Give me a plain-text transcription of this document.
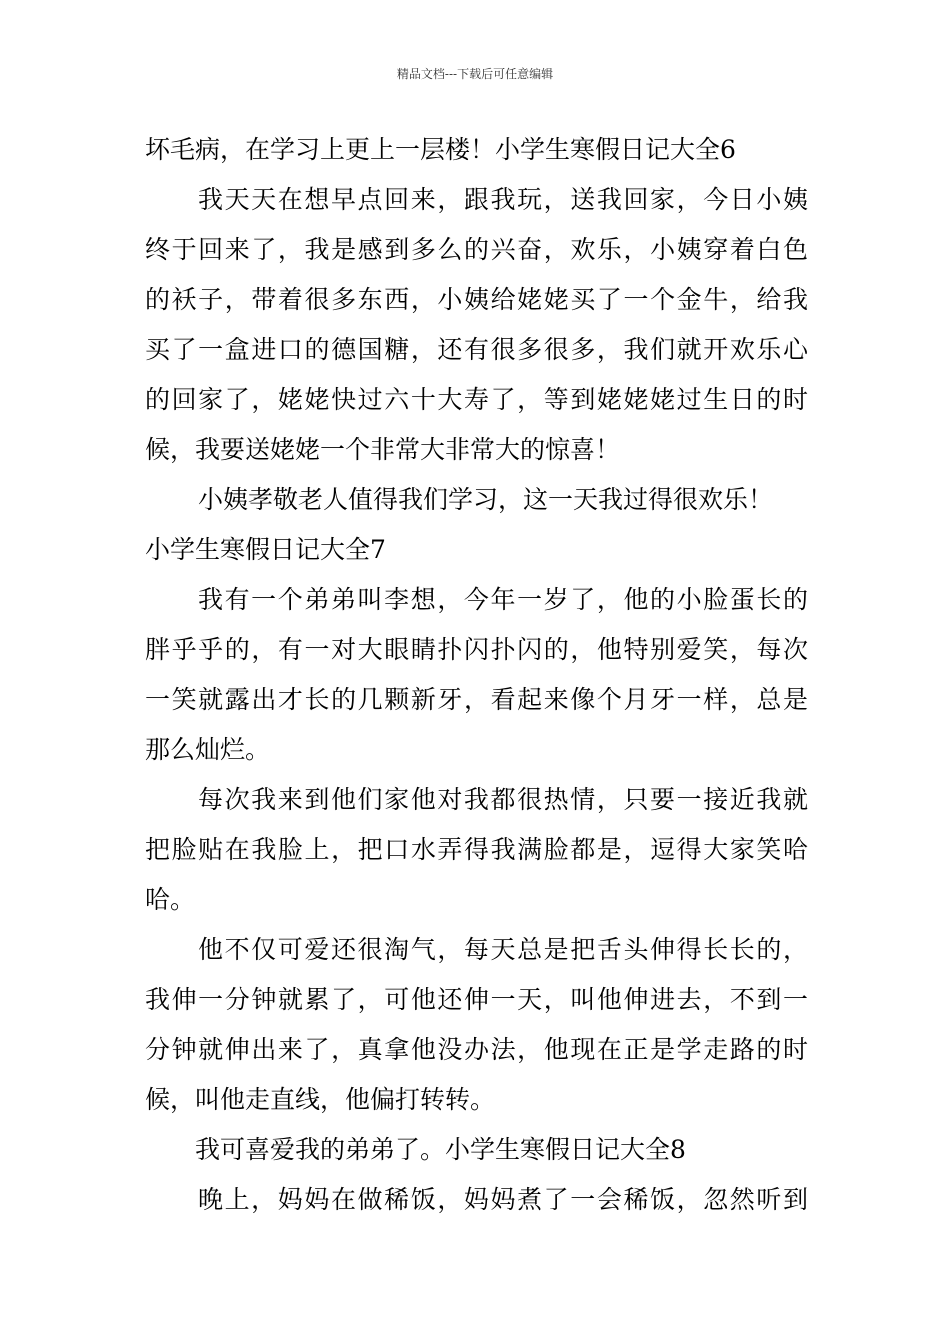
精品文档---下载后可任意编辑
坏毛病，在学习上更上一层楼！小学生寒假日记大全6
我天天在想早点回来，跟我玩，送我回家，今日小姨
终于回来了，我是感到多么的兴奋，欢乐，小姨穿着白色
的袄子，带着很多东西，小姨给姥姥买了一个金牛，给我
买了一盒进口的德国糖，还有很多很多，我们就开欢乐心
的回家了，姥姥快过六十大寿了，等到姥姥姥过生日的时
候，我要送姥姥一个非常大非常大的惊喜！
小姨孝敬老人值得我们学习，这一天我过得很欢乐！
小学生寒假日记大全7
我有一个弟弟叫李想，今年一岁了，他的小脸蛋长的
胖乎乎的，有一对大眼睛扑闪扑闪的，他特别爱笑，每次
一笑就露出才长的几颗新牙，看起来像个月牙一样，总是
那么灿烂。
每次我来到他们家他对我都很热情，只要一接近我就
把脸贴在我脸上，把口水弄得我满脸都是，逗得大家笑哈
哈。
他不仅可爱还很淘气，每天总是把舌头伸得长长的，
我伸一分钟就累了，可他还伸一天，叫他伸进去，不到一
分钟就伸出来了，真拿他没办法，他现在正是学走路的时
候，叫他走直线，他偏打转转。
我可喜爱我的弟弟了。小学生寒假日记大全8
晚上，妈妈在做稀饭，妈妈煮了一会稀饭，忽然听到
